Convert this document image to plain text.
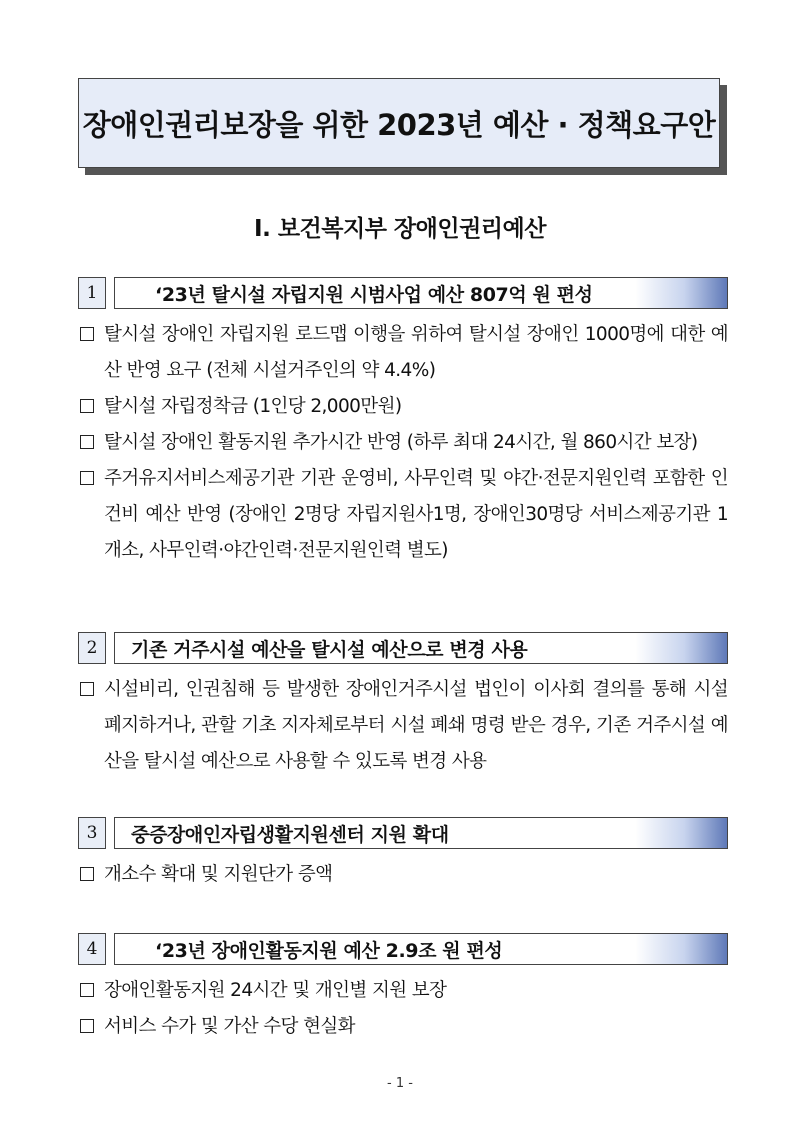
장애인권리보장을 위한 2023년 예산 · 정책요구안
Ⅰ. 보건복지부 장애인권리예산
1	‘23년 탈시설 자립지원 시범사업 예산 807억 원 편성
탈시설 장애인 자립지원 로드맵 이행을 위하여 탈시설 장애인 1000명에 대한 예산 반영 요구 (전체 시설거주인의 약 4.4%)
탈시설 자립정착금 (1인당 2,000만원)
탈시설 장애인 활동지원 추가시간 반영 (하루 최대 24시간, 월 860시간 보장)
주거유지서비스제공기관 기관 운영비, 사무인력 및 야간·전문지원인력 포함한 인건비 예산 반영 (장애인 2명당 자립지원사1명, 장애인30명당 서비스제공기관 1개소, 사무인력·야간인력·전문지원인력 별도)
2	기존 거주시설 예산을 탈시설 예산으로 변경 사용
시설비리, 인권침해 등 발생한 장애인거주시설 법인이 이사회 결의를 통해 시설 폐지하거나, 관할 기초 지자체로부터 시설 폐쇄 명령 받은 경우, 기존 거주시설 예산을 탈시설 예산으로 사용할 수 있도록 변경 사용
3	중증장애인자립생활지원센터 지원 확대
개소수 확대 및 지원단가 증액
4	‘23년 장애인활동지원 예산 2.9조 원 편성
장애인활동지원 24시간 및 개인별 지원 보장
서비스 수가 및 가산 수당 현실화
- 1 -
